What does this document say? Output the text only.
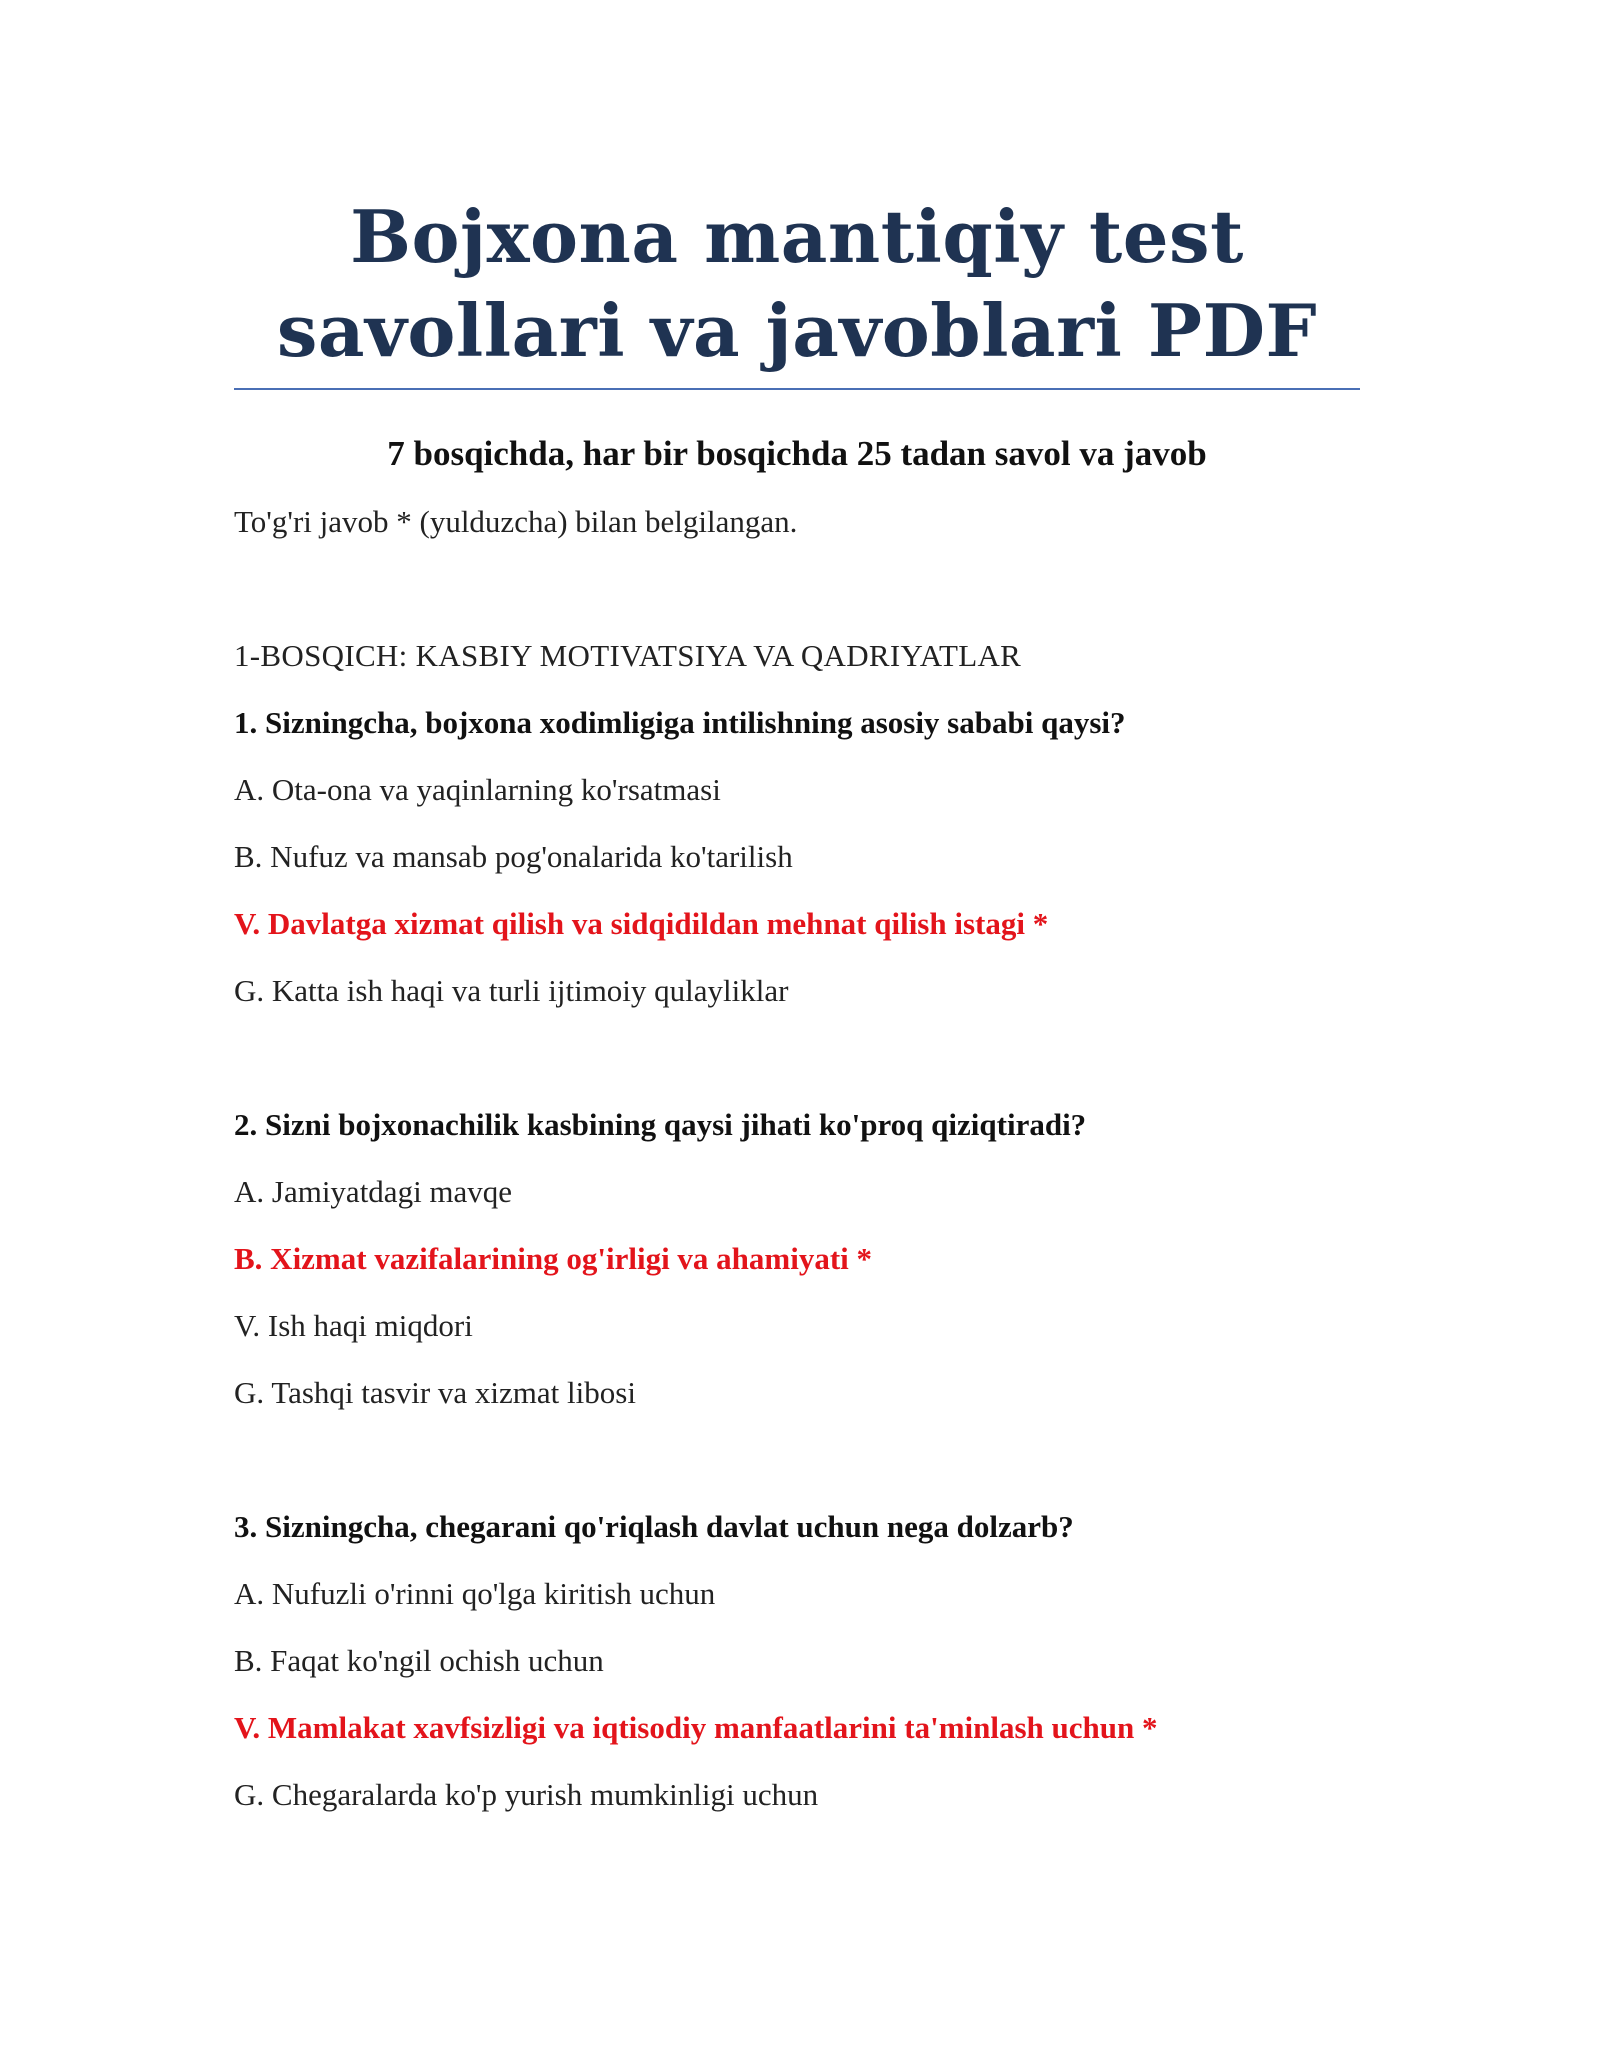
Bojxona mantiqiy test savollari va javoblari PDF

7 bosqichda, har bir bosqichda 25 tadan savol va javob

To'g'ri javob * (yulduzcha) bilan belgilangan.

1-BOSQICH: KASBIY MOTIVATSIYA VA QADRIYATLAR

1. Sizningcha, bojxona xodimligiga intilishning asosiy sababi qaysi?

A. Ota-ona va yaqinlarning ko'rsatmasi

B. Nufuz va mansab pog'onalarida ko'tarilish

V. Davlatga xizmat qilish va sidqidildan mehnat qilish istagi *

G. Katta ish haqi va turli ijtimoiy qulayliklar

2. Sizni bojxonachilik kasbining qaysi jihati ko'proq qiziqtiradi?

A. Jamiyatdagi mavqe

B. Xizmat vazifalarining og'irligi va ahamiyati *

V. Ish haqi miqdori

G. Tashqi tasvir va xizmat libosi

3. Sizningcha, chegarani qo'riqlash davlat uchun nega dolzarb?

A. Nufuzli o'rinni qo'lga kiritish uchun

B. Faqat ko'ngil ochish uchun

V. Mamlakat xavfsizligi va iqtisodiy manfaatlarini ta'minlash uchun *

G. Chegaralarda ko'p yurish mumkinligi uchun
